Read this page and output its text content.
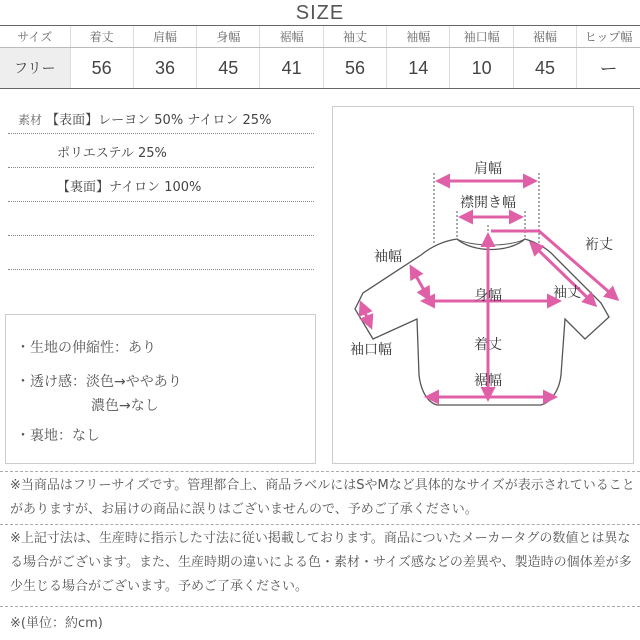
SIZE
サイズ	着丈	肩幅	身幅	裾幅	袖丈	袖幅	袖口幅	裾幅	ヒップ幅
フリー	56	36	45	41	56	14	10	45	ー
素材 【表面】レーヨン 50% ナイロン 25%
ポリエステル 25%
【裏面】ナイロン 100%
・生地の伸縮性：あり
・透け感：淡色→ややあり
濃色→なし
・裏地：なし
肩幅
襟開き幅
袖幅
裄丈
袖丈
身幅
袖口幅	着丈
裾幅
※当商品はフリーサイズです。管理都合上、商品ラベルにはSやMなど具体的なサイズが表示されていることがありますが、お届けの商品に誤りはございませんので、予めご了承ください。
※上記寸法は、生産時に指示した寸法に従い掲載しております。商品についたメーカータグの数値とは異なる場合がございます。また、生産時期の違いによる色・素材・サイズ感などの差異や、製造時の個体差が多少生じる場合がございます。予めご了承ください。
※(単位：約cm)
